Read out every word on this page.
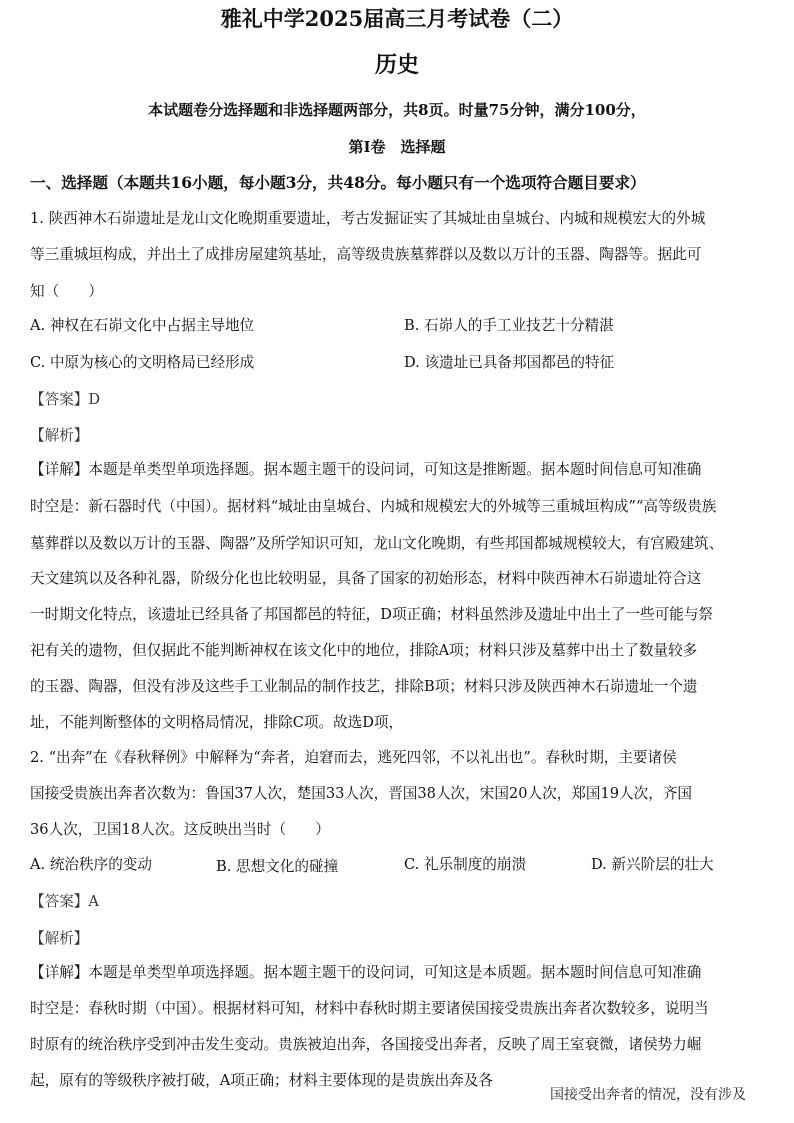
雅礼中学2025届高三月考试卷（二）
历史
本试题卷分选择题和非选择题两部分，共8页。时量75分钟，满分100分，
第Ⅰ卷　选择题
一、选择题（本题共16小题，每小题3分，共48分。每小题只有一个选项符合题目要求）
1. 陕西神木石峁遗址是龙山文化晚期重要遗址，考古发掘证实了其城址由皇城台、内城和规模宏大的外城
等三重城垣构成，并出土了成排房屋建筑基址，高等级贵族墓葬群以及数以万计的玉器、陶器等。据此可
知（　　）
A. 神权在石峁文化中占据主导地位	B. 石峁人的手工业技艺十分精湛
C. 中原为核心的文明格局已经形成	D. 该遗址已具备邦国都邑的特征
【答案】D
【解析】
【详解】本题是单类型单项选择题。据本题主题干的设问词，可知这是推断题。据本题时间信息可知准确
时空是：新石器时代（中国）。据材料“城址由皇城台、内城和规模宏大的外城等三重城垣构成”“高等级贵族
墓葬群以及数以万计的玉器、陶器”及所学知识可知，龙山文化晚期，有些邦国都城规模较大，有宫殿建筑、
天文建筑以及各种礼器，阶级分化也比较明显，具备了国家的初始形态，材料中陕西神木石峁遗址符合这
一时期文化特点，该遗址已经具备了邦国都邑的特征，D项正确；材料虽然涉及遗址中出土了一些可能与祭
祀有关的遗物，但仅据此不能判断神权在该文化中的地位，排除A项；材料只涉及墓葬中出土了数量较多
的玉器、陶器，但没有涉及这些手工业制品的制作技艺，排除B项；材料只涉及陕西神木石峁遗址一个遗
址，不能判断整体的文明格局情况，排除C项。故选D项，
2. “出奔”在《春秋释例》中解释为“奔者，迫窘而去，逃死四邻，不以礼出也”。春秋时期，主要诸侯
国接受贵族出奔者次数为：鲁国37人次，楚国33人次，晋国38人次，宋国20人次，郑国19人次，齐国
36人次，卫国18人次。这反映出当时（　　）
A. 统治秩序的变动	B. 思想文化的碰撞	C. 礼乐制度的崩溃	D. 新兴阶层的壮大
【答案】A
【解析】
【详解】本题是单类型单项选择题。据本题主题干的设问词，可知这是本质题。据本题时间信息可知准确
时空是：春秋时期（中国）。根据材料可知，材料中春秋时期主要诸侯国接受贵族出奔者次数较多，说明当
时原有的统治秩序受到冲击发生变动。贵族被迫出奔，各国接受出奔者，反映了周王室衰微，诸侯势力崛
起，原有的等级秩序被打破，A项正确；材料主要体现的是贵族出奔及各
国接受出奔者的情况，没有涉及
